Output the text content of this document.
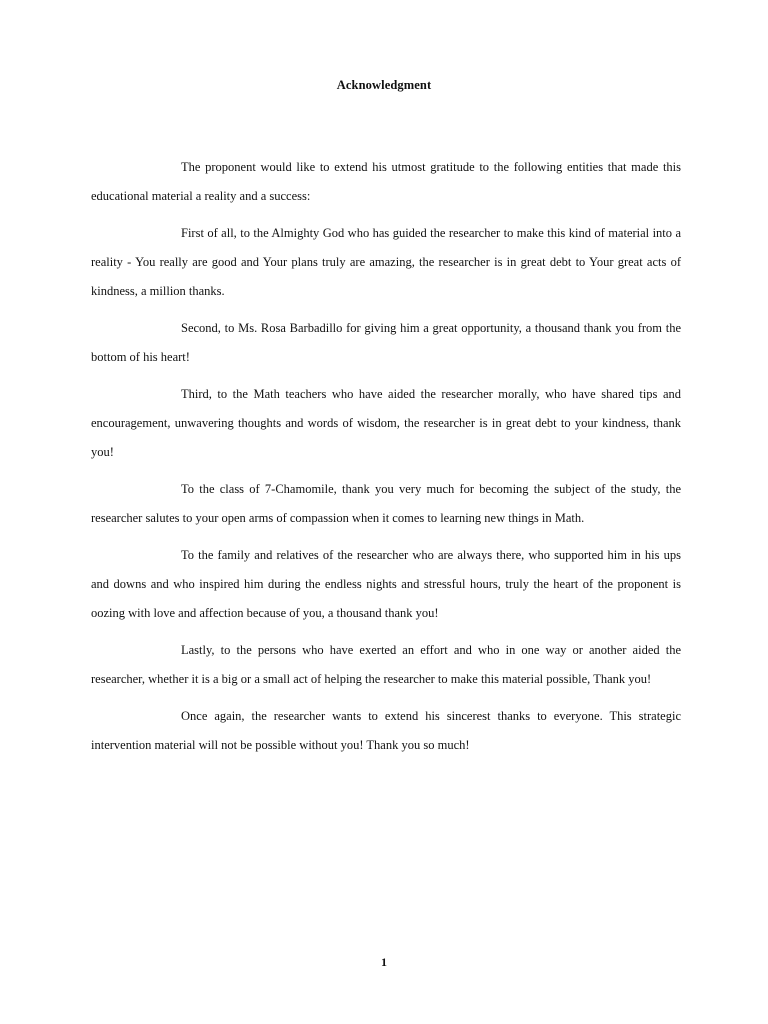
Acknowledgment

The proponent would like to extend his utmost gratitude to the following entities that made this educational material a reality and a success:

First of all, to the Almighty God who has guided the researcher to make this kind of material into a reality - You really are good and Your plans truly are amazing, the researcher is in great debt to Your great acts of kindness, a million thanks.

Second, to Ms. Rosa Barbadillo for giving him a great opportunity, a thousand thank you from the bottom of his heart!

Third, to the Math teachers who have aided the researcher morally, who have shared tips and encouragement, unwavering thoughts and words of wisdom, the researcher is in great debt to your kindness, thank you!

To the class of 7-Chamomile, thank you very much for becoming the subject of the study, the researcher salutes to your open arms of compassion when it comes to learning new things in Math.

To the family and relatives of the researcher who are always there, who supported him in his ups and downs and who inspired him during the endless nights and stressful hours, truly the heart of the proponent is oozing with love and affection because of you, a thousand thank you!

Lastly, to the persons who have exerted an effort and who in one way or another aided the researcher, whether it is a big or a small act of helping the researcher to make this material possible, Thank you!

Once again, the researcher wants to extend his sincerest thanks to everyone. This strategic intervention material will not be possible without you! Thank you so much!

1
